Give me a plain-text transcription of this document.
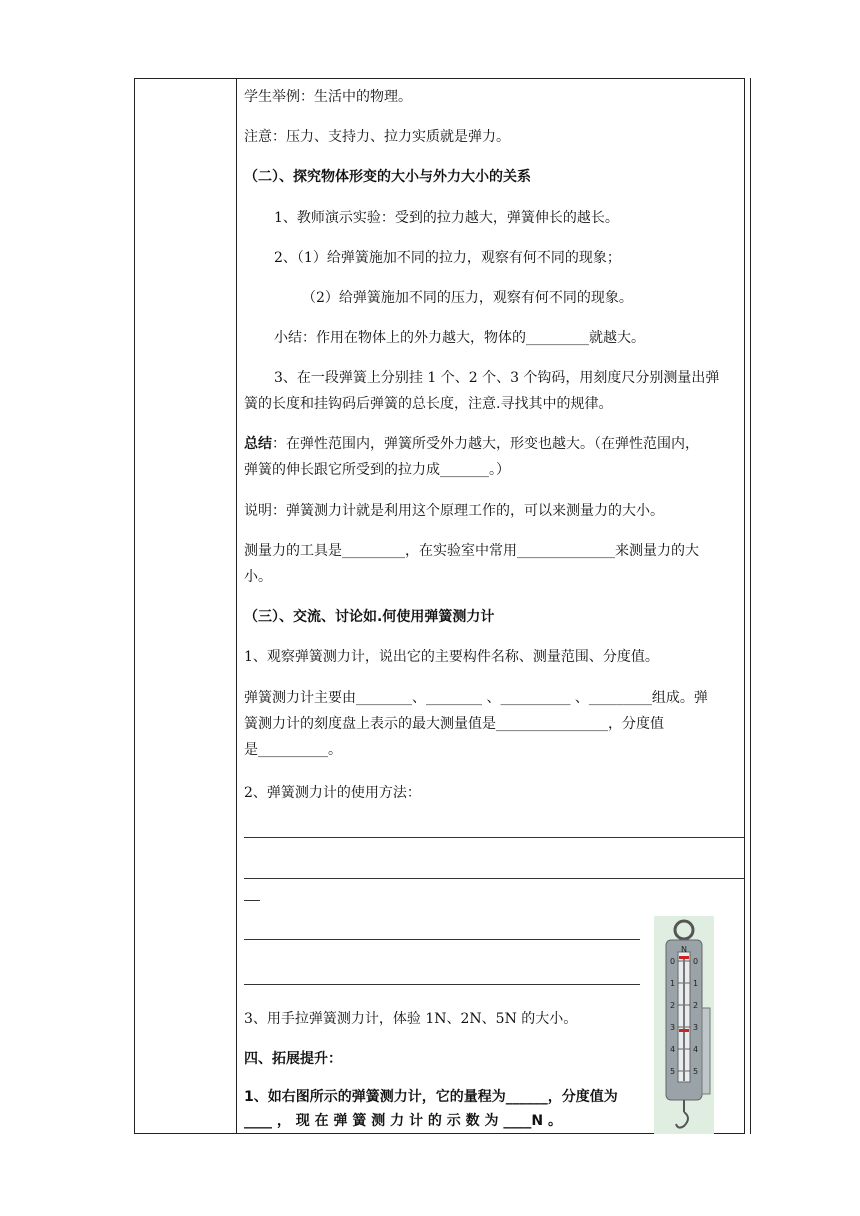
学生举例：生活中的物理。
注意：压力、支持力、拉力实质就是弹力。
（二）、探究物体形变的大小与外力大小的关系
1、教师演示实验：受到的拉力越大，弹簧伸长的越长。
2、（1）给弹簧施加不同的拉力，观察有何不同的现象；
（2）给弹簧施加不同的压力，观察有何不同的现象。
小结：作用在物体上的外力越大，物体的_________就越大。
3、在一段弹簧上分别挂 1 个、2 个、3 个钩码，用刻度尺分别测量出弹
簧的长度和挂钩码后弹簧的总长度，注意.寻找其中的规律。
总结：在弹性范围内，弹簧所受外力越大，形变也越大。（在弹性范围内，
弹簧的伸长跟它所受到的拉力成_______。）
说明：弹簧测力计就是利用这个原理工作的，可以来测量力的大小。
测量力的工具是_________，在实验室中常用______________来测量力的大
小。
（三）、交流、讨论如.何使用弹簧测力计
1、观察弹簧测力计，说出它的主要构件名称、测量范围、分度值。
弹簧测力计主要由________、________ 、__________ 、_________组成。弹
簧测力计的刻度盘上表示的最大测量值是________________，分度值
是__________。
2、弹簧测力计的使用方法：
3、用手拉弹簧测力计，体验 1N、2N、5N 的大小。
四、拓展提升：
1、如右图所示的弹簧测力计，它的量程为______，分度值为
____ ， 现 在 弹 簧 测 力 计 的 示 数 为 ____N 。
N
0
1
2
3
4
5
0
1
2
3
4
5
